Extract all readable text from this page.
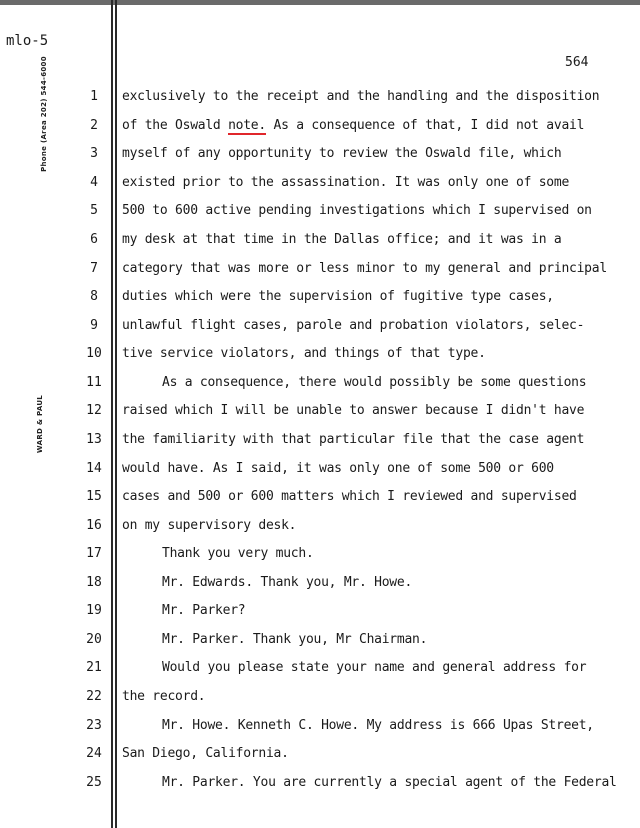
mlo-5
564
Phone (Area 202) 544-6000
WARD & PAUL
1
2
3
4
5
6
7
8
9
10
11
12
13
14
15
16
17
18
19
20
21
22
23
24
25
exclusively to the receipt and the handling and the disposition
of the Oswald note. As a consequence of that, I did not avail
myself of any opportunity to review the Oswald file, which
existed prior to the assassination. It was only one of some
500 to 600 active pending investigations which I supervised on
my desk at that time in the Dallas office; and it was in a
category that was more or less minor to my general and principal
duties which were the supervision of fugitive type cases,
unlawful flight cases, parole and probation violators, selec-
tive service violators, and things of that type.
As a consequence, there would possibly be some questions
raised which I will be unable to answer because I didn't have
the familiarity with that particular file that the case agent
would have. As I said, it was only one of some 500 or 600
cases and 500 or 600 matters which I reviewed and supervised
on my supervisory desk.
Thank you very much.
Mr. Edwards. Thank you, Mr. Howe.
Mr. Parker?
Mr. Parker. Thank you, Mr Chairman.
Would you please state your name and general address for
the record.
Mr. Howe. Kenneth C. Howe. My address is 666 Upas Street,
San Diego, California.
Mr. Parker. You are currently a special agent of the Federal
